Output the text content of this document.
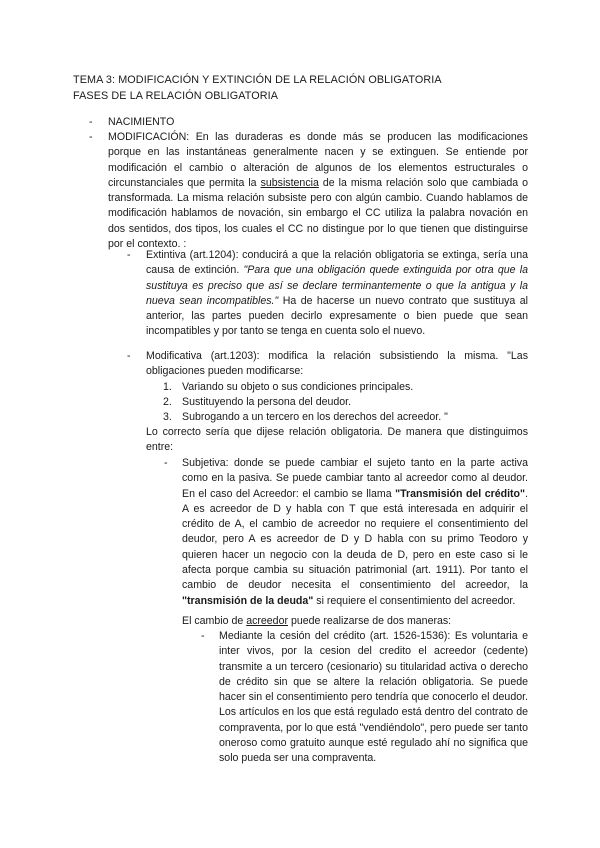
TEMA 3: MODIFICACIÓN Y EXTINCIÓN DE LA RELACIÓN OBLIGATORIA
FASES DE LA RELACIÓN OBLIGATORIA
- NACIMIENTO
- MODIFICACIÓN: En las duraderas es donde más se producen las modificaciones porque en las instantáneas generalmente nacen y se extinguen. Se entiende por modificación el cambio o alteración de algunos de los elementos estructurales o circunstanciales que permita la subsistencia de la misma relación solo que cambiada o transformada. La misma relación subsiste pero con algún cambio. Cuando hablamos de modificación hablamos de novación, sin embargo el CC utiliza la palabra novación en dos sentidos, dos tipos, los cuales el CC no distingue por lo que tienen que distinguirse por el contexto. :
- Extintiva (art.1204): conducirá a que la relación obligatoria se extinga, sería una causa de extinción. "Para que una obligación quede extinguida por otra que la sustituya es preciso que así se declare terminantemente o que la antigua y la nueva sean incompatibles." Ha de hacerse un nuevo contrato que sustituya al anterior, las partes pueden decirlo expresamente o bien puede que sean incompatibles y por tanto se tenga en cuenta solo el nuevo.
- Modificativa (art.1203): modifica la relación subsistiendo la misma. "Las obligaciones pueden modificarse:
1. Variando su objeto o sus condiciones principales.
2. Sustituyendo la persona del deudor.
3. Subrogando a un tercero en los derechos del acreedor. "
Lo correcto sería que dijese relación obligatoria. De manera que distinguimos entre:
- Subjetiva: donde se puede cambiar el sujeto tanto en la parte activa como en la pasiva. Se puede cambiar tanto al acreedor como al deudor. En el caso del Acreedor: el cambio se llama "Transmisión del crédito". A es acreedor de D y habla con T que está interesada en adquirir el crédito de A, el cambio de acreedor no requiere el consentimiento del deudor, pero A es acreedor de D y D habla con su primo Teodoro y quieren hacer un negocio con la deuda de D, pero en este caso si le afecta porque cambia su situación patrimonial (art. 1911). Por tanto el cambio de deudor necesita el consentimiento del acreedor, la "transmisión de la deuda" si requiere el consentimiento del acreedor.
El cambio de acreedor puede realizarse de dos maneras:
- Mediante la cesión del crédito (art. 1526-1536): Es voluntaria e inter vivos, por la cesion del credito el acreedor (cedente) transmite a un tercero (cesionario) su titularidad activa o derecho de crédito sin que se altere la relación obligatoria. Se puede hacer sin el consentimiento pero tendría que conocerlo el deudor. Los artículos en los que está regulado está dentro del contrato de compraventa, por lo que está "vendiéndolo", pero puede ser tanto oneroso como gratuito aunque esté regulado ahí no significa que solo pueda ser una compraventa.
